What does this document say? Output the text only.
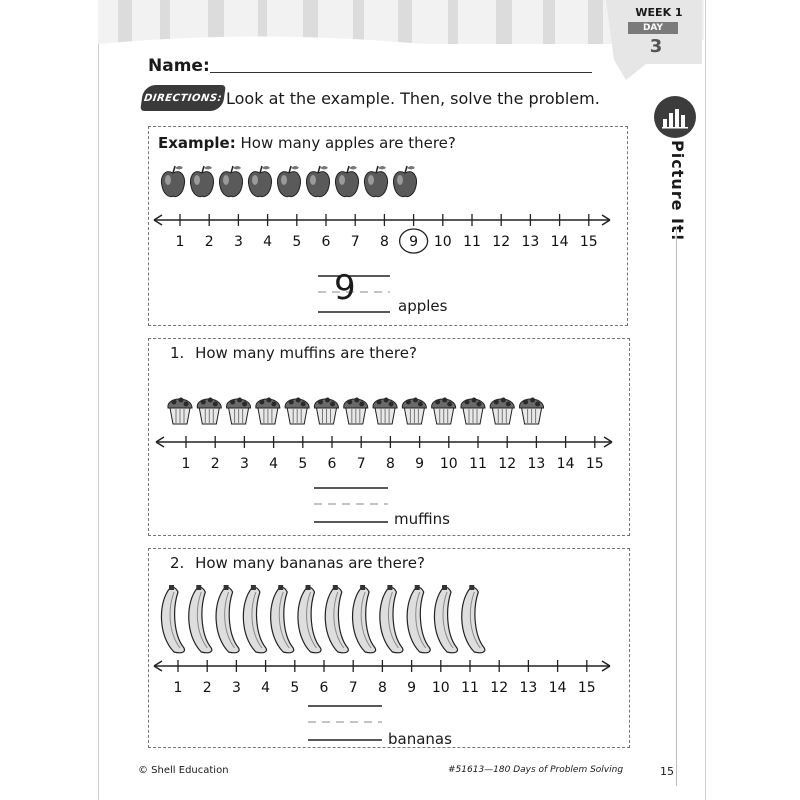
WEEK 1
DAY
3
Picture It!
Name:
DIRECTIONS: Look at the example. Then, solve the problem.
Example: How many apples are there?
1 2 3 4 5 6 7 8 9 10 11 12 13 14 15
9	apples
1. How many muffins are there?
1 2 3 4 5 6 7 8 9 10 11 12 13 14 15
muffins
2. How many bananas are there?
1 2 3 4 5 6 7 8 9 10 11 12 13 14 15
bananas
© Shell Education	#51613—180 Days of Problem Solving	15
